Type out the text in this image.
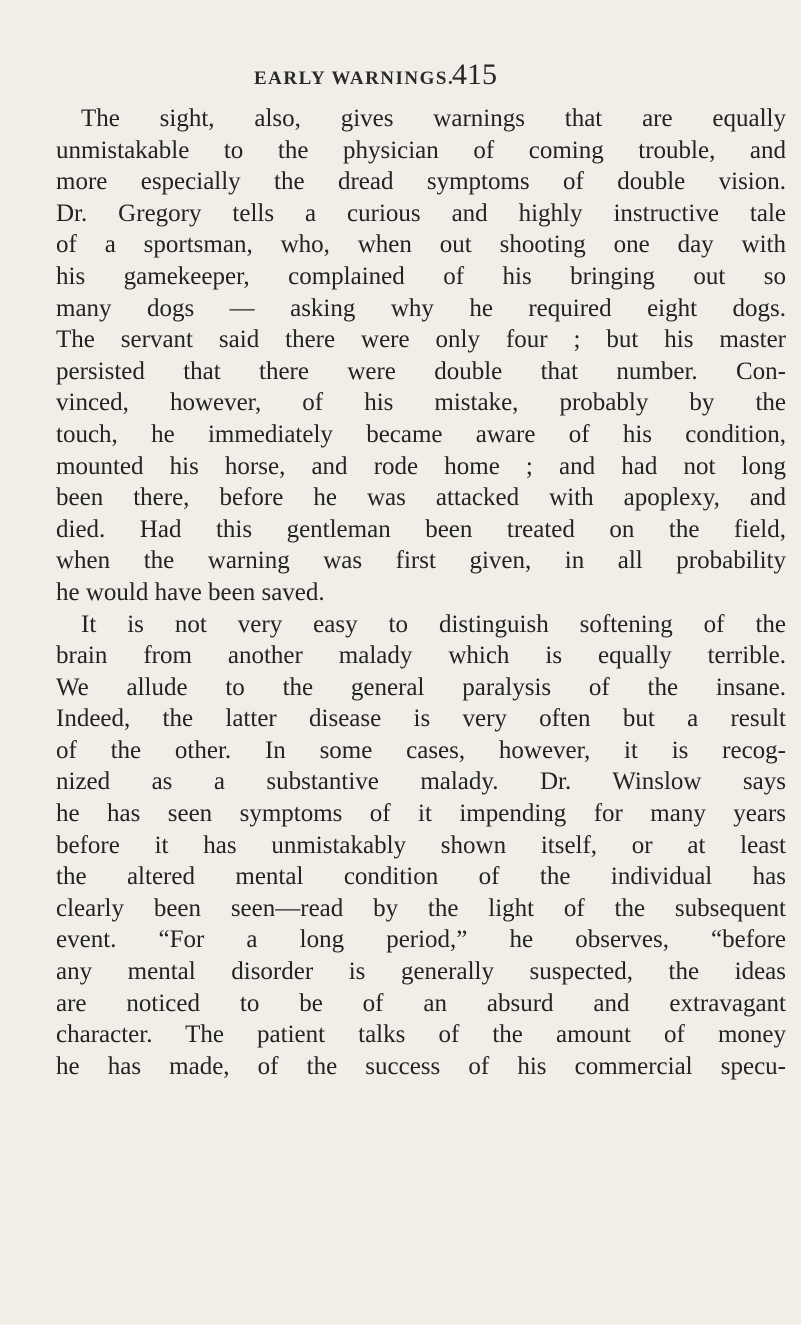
EARLY WARNINGS.
415
The sight, also, gives warnings that are equally
unmistakable to the physician of coming trouble, and
more especially the dread symptoms of double vision.
Dr. Gregory tells a curious and highly instructive tale
of a sportsman, who, when out shooting one day with
his gamekeeper, complained of his bringing out so
many dogs — asking why he required eight dogs.
The servant said there were only four ; but his master
persisted that there were double that number. Con-
vinced, however, of his mistake, probably by the
touch, he immediately became aware of his condition,
mounted his horse, and rode home ; and had not long
been there, before he was attacked with apoplexy, and
died. Had this gentleman been treated on the field,
when the warning was first given, in all probability
he would have been saved.
It is not very easy to distinguish softening of the
brain from another malady which is equally terrible.
We allude to the general paralysis of the insane.
Indeed, the latter disease is very often but a result
of the other. In some cases, however, it is recog-
nized as a substantive malady. Dr. Winslow says
he has seen symptoms of it impending for many years
before it has unmistakably shown itself, or at least
the altered mental condition of the individual has
clearly been seen—read by the light of the subsequent
event. “For a long period,” he observes, “before
any mental disorder is generally suspected, the ideas
are noticed to be of an absurd and extravagant
character. The patient talks of the amount of money
he has made, of the success of his commercial specu-
